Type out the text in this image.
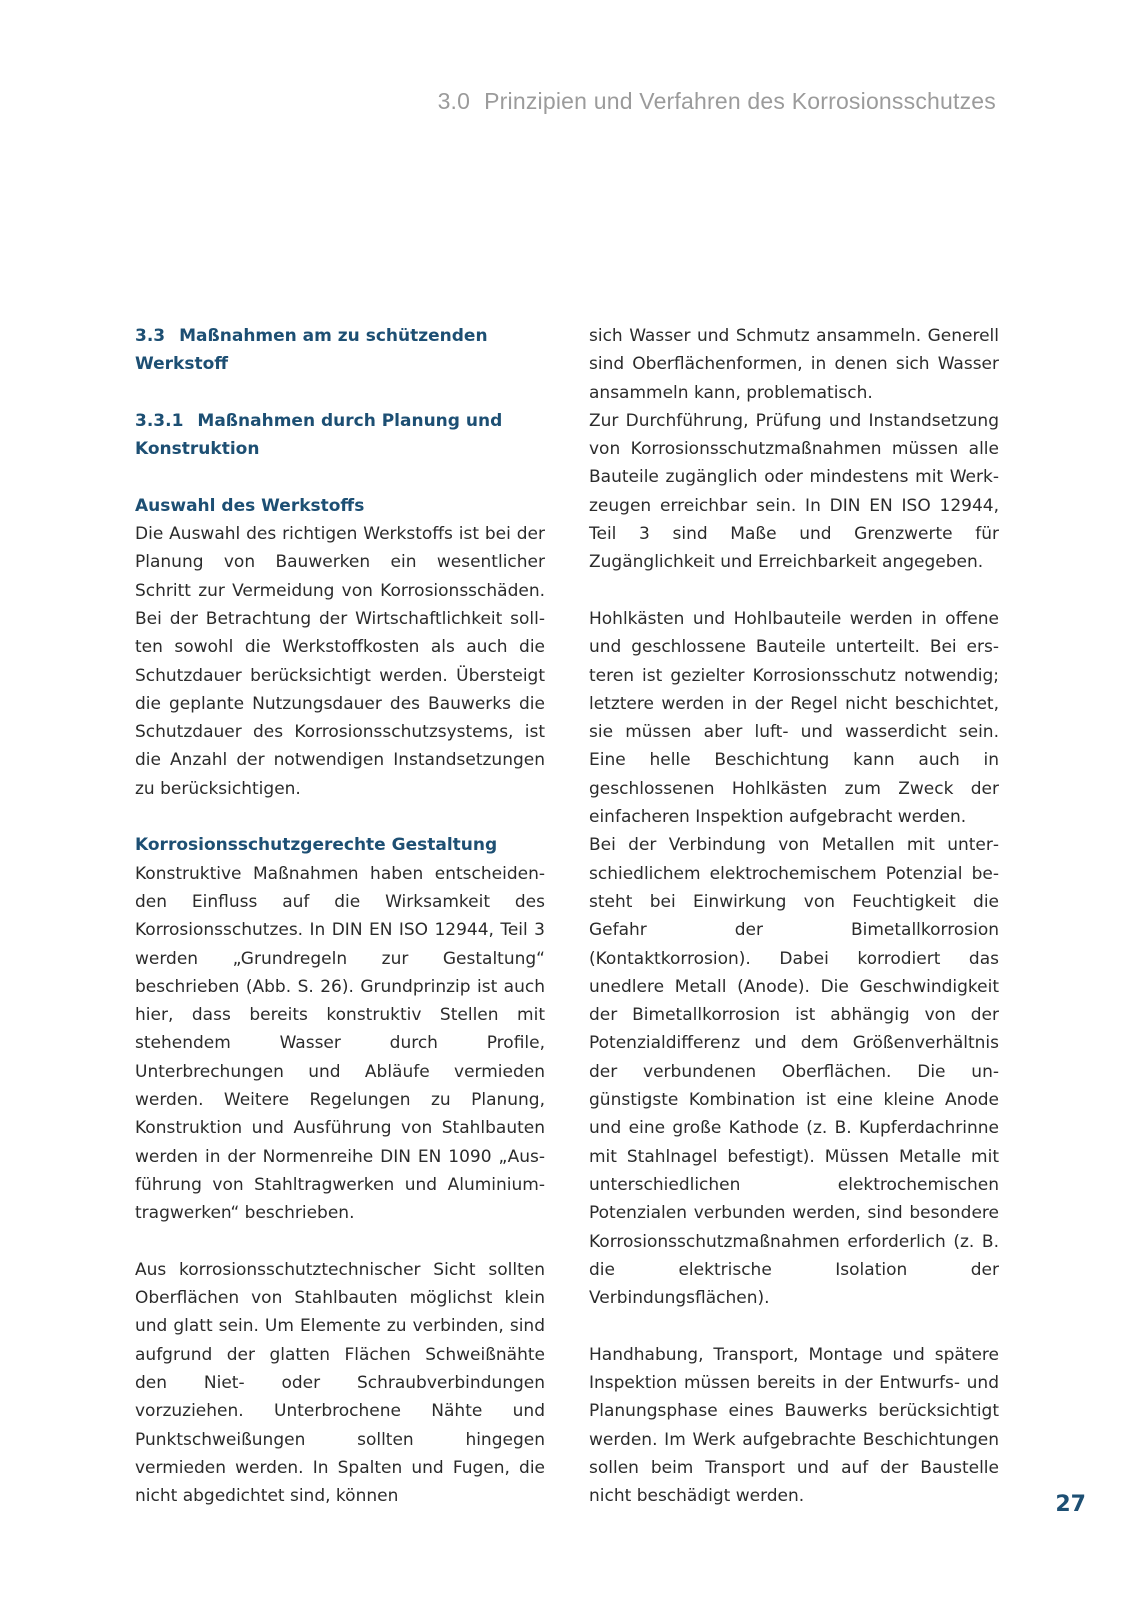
3.0 Prinzipien und Verfahren des Korrosionsschutzes
3.3 Maßnahmen am zu schützenden
Werkstoff
3.3.1 Maßnahmen durch Planung und
Konstruktion
Auswahl des Werkstoffs

Die Auswahl des richtigen Werkstoffs ist bei der Planung von Bauwerken ein wesentlicher Schritt zur Vermeidung von Korrosionsschäden. Bei der Betrachtung der Wirtschaftlichkeit sollten sowohl die Werkstoffkosten als auch die Schutzdauer berücksichtigt werden. Übersteigt die geplante Nutzungsdauer des Bauwerks die Schutzdauer des Korrosionsschutzsystems, ist die Anzahl der notwendigen Instandsetzungen zu berücksichtigen.

Korrosionsschutzgerechte Gestaltung

Konstruktive Maßnahmen haben entscheidenden Einfluss auf die Wirksamkeit des Korrosionsschutzes. In DIN EN ISO 12944, Teil 3 werden „Grundregeln zur Gestaltung“ beschrieben (Abb. S. 26). Grundprinzip ist auch hier, dass bereits konstruktiv Stellen mit stehendem Wasser durch Profile, Unterbrechungen und Abläufe vermieden werden. Weitere Regelungen zu Planung, Konstruktion und Ausführung von Stahlbauten werden in der Normenreihe DIN EN 1090 „Ausführung von Stahltragwerken und Aluminiumtragwerken“ beschrieben.

Aus korrosionsschutztechnischer Sicht sollten Oberflächen von Stahlbauten möglichst klein und glatt sein. Um Elemente zu verbinden, sind aufgrund der glatten Flächen Schweißnähte den Niet- oder Schraubverbindungen vorzuziehen. Unterbrochene Nähte und Punktschweißungen sollten hingegen vermieden werden. In Spalten und Fugen, die nicht abgedichtet sind, können

sich Wasser und Schmutz ansammeln. Generell sind Oberflächenformen, in denen sich Wasser ansammeln kann, problematisch.

Zur Durchführung, Prüfung und Instandsetzung von Korrosionsschutzmaßnahmen müssen alle Bauteile zugänglich oder mindestens mit Werkzeugen erreichbar sein. In DIN EN ISO 12944, Teil 3 sind Maße und Grenzwerte für Zugänglichkeit und Erreichbarkeit angegeben.

Hohlkästen und Hohlbauteile werden in offene und geschlossene Bauteile unterteilt. Bei ersteren ist gezielter Korrosionsschutz notwendig; letztere werden in der Regel nicht beschichtet, sie müssen aber luft- und wasserdicht sein. Eine helle Beschichtung kann auch in geschlossenen Hohlkästen zum Zweck der einfacheren Inspektion aufgebracht werden.

Bei der Verbindung von Metallen mit unterschiedlichem elektrochemischem Potenzial besteht bei Einwirkung von Feuchtigkeit die Gefahr der Bimetallkorrosion (Kontaktkorrosion). Dabei korrodiert das unedlere Metall (Anode). Die Geschwindigkeit der Bimetallkorrosion ist abhängig von der Potenzialdifferenz und dem Größenverhältnis der verbundenen Oberflächen. Die ungünstigste Kombination ist eine kleine Anode und eine große Kathode (z. B. Kupferdachrinne mit Stahlnagel befestigt). Müssen Metalle mit unterschiedlichen elektrochemischen Potenzialen verbunden werden, sind besondere Korrosionsschutzmaßnahmen erforderlich (z. B. die elektrische Isolation der Verbindungsflächen).

Handhabung, Transport, Montage und spätere Inspektion müssen bereits in der Entwurfs- und Planungsphase eines Bauwerks berücksichtigt werden. Im Werk aufgebrachte Beschichtungen sollen beim Transport und auf der Baustelle nicht beschädigt werden.	27
